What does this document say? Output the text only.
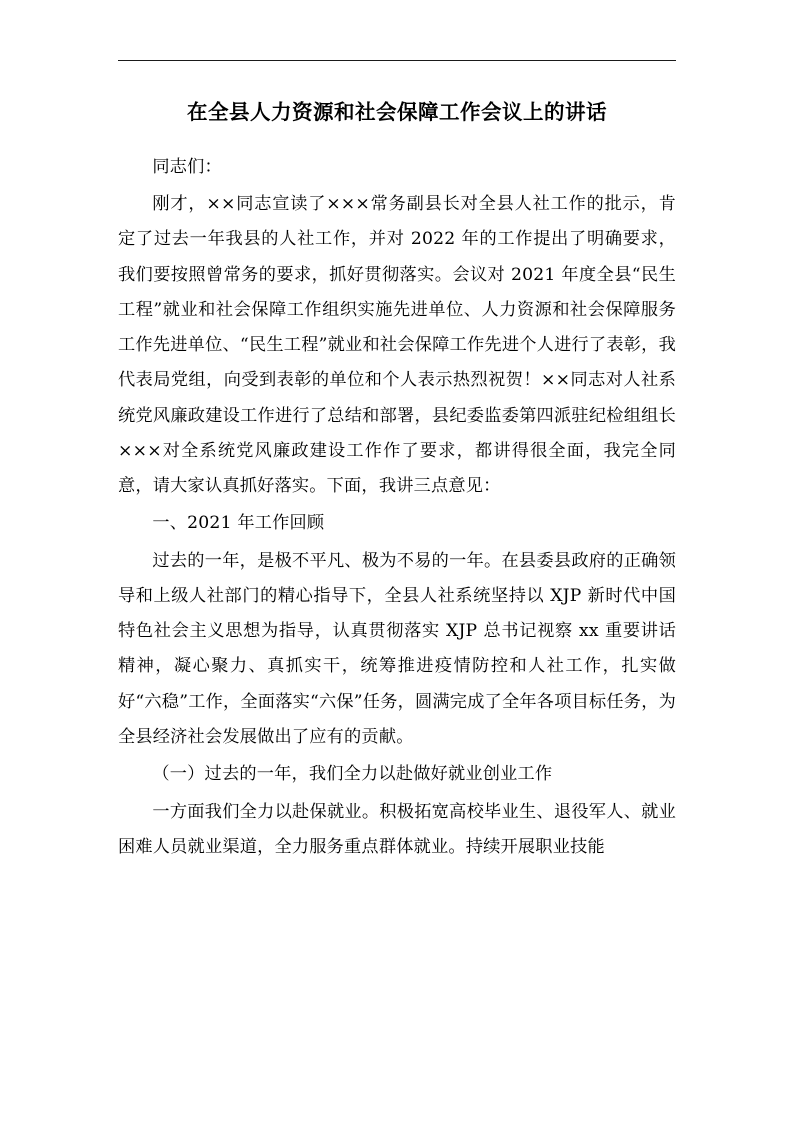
在全县人力资源和社会保障工作会议上的讲话

同志们：

刚才，××同志宣读了×××常务副县长对全县人社工作的批示，肯定了过去一年我县的人社工作，并对 2022 年的工作提出了明确要求，我们要按照曾常务的要求，抓好贯彻落实。会议对 2021 年度全县“民生工程”就业和社会保障工作组织实施先进单位、人力资源和社会保障服务工作先进单位、“民生工程”就业和社会保障工作先进个人进行了表彰，我代表局党组，向受到表彰的单位和个人表示热烈祝贺！××同志对人社系统党风廉政建设工作进行了总结和部署，县纪委监委第四派驻纪检组组长×××对全系统党风廉政建设工作作了要求，都讲得很全面，我完全同意，请大家认真抓好落实。下面，我讲三点意见：

一、2021 年工作回顾

过去的一年，是极不平凡、极为不易的一年。在县委县政府的正确领导和上级人社部门的精心指导下，全县人社系统坚持以 XJP 新时代中国特色社会主义思想为指导，认真贯彻落实 XJP 总书记视察 xx 重要讲话精神，凝心聚力、真抓实干，统筹推进疫情防控和人社工作，扎实做好“六稳”工作，全面落实“六保”任务，圆满完成了全年各项目标任务，为全县经济社会发展做出了应有的贡献。

（一）过去的一年，我们全力以赴做好就业创业工作

一方面我们全力以赴保就业。积极拓宽高校毕业生、退役军人、就业困难人员就业渠道，全力服务重点群体就业。持续开展职业技能
